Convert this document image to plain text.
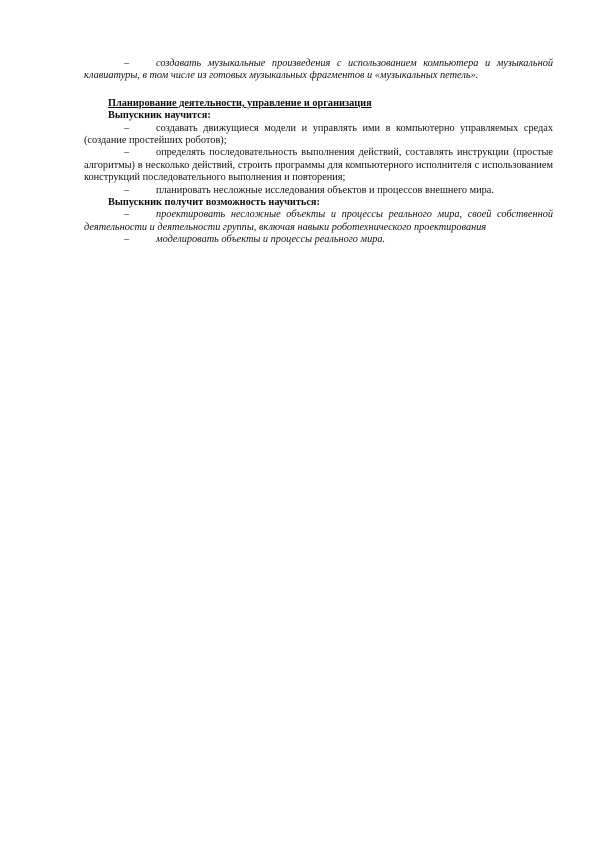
–	создавать музыкальные произведения с использованием компьютера и музыкальной клавиатуры, в том числе из готовых музыкальных фрагментов и «музыкальных петель».

Планирование деятельности, управление и организация

Выпускник научится:

–	создавать движущиеся модели и управлять ими в компьютерно управляемых средах (создание простейших роботов);

–	определять последовательность выполнения действий, составлять инструкции (простые алгоритмы) в несколько действий, строить программы для компьютерного исполнителя с использованием конструкций последовательного выполнения и повторения;

–	планировать несложные исследования объектов и процессов внешнего мира.

Выпускник получит возможность научиться:

–	проектировать несложные объекты и процессы реального мира, своей собственной деятельности и деятельности группы, включая навыки роботехнического проектирования

–	моделировать объекты и процессы реального мира.
